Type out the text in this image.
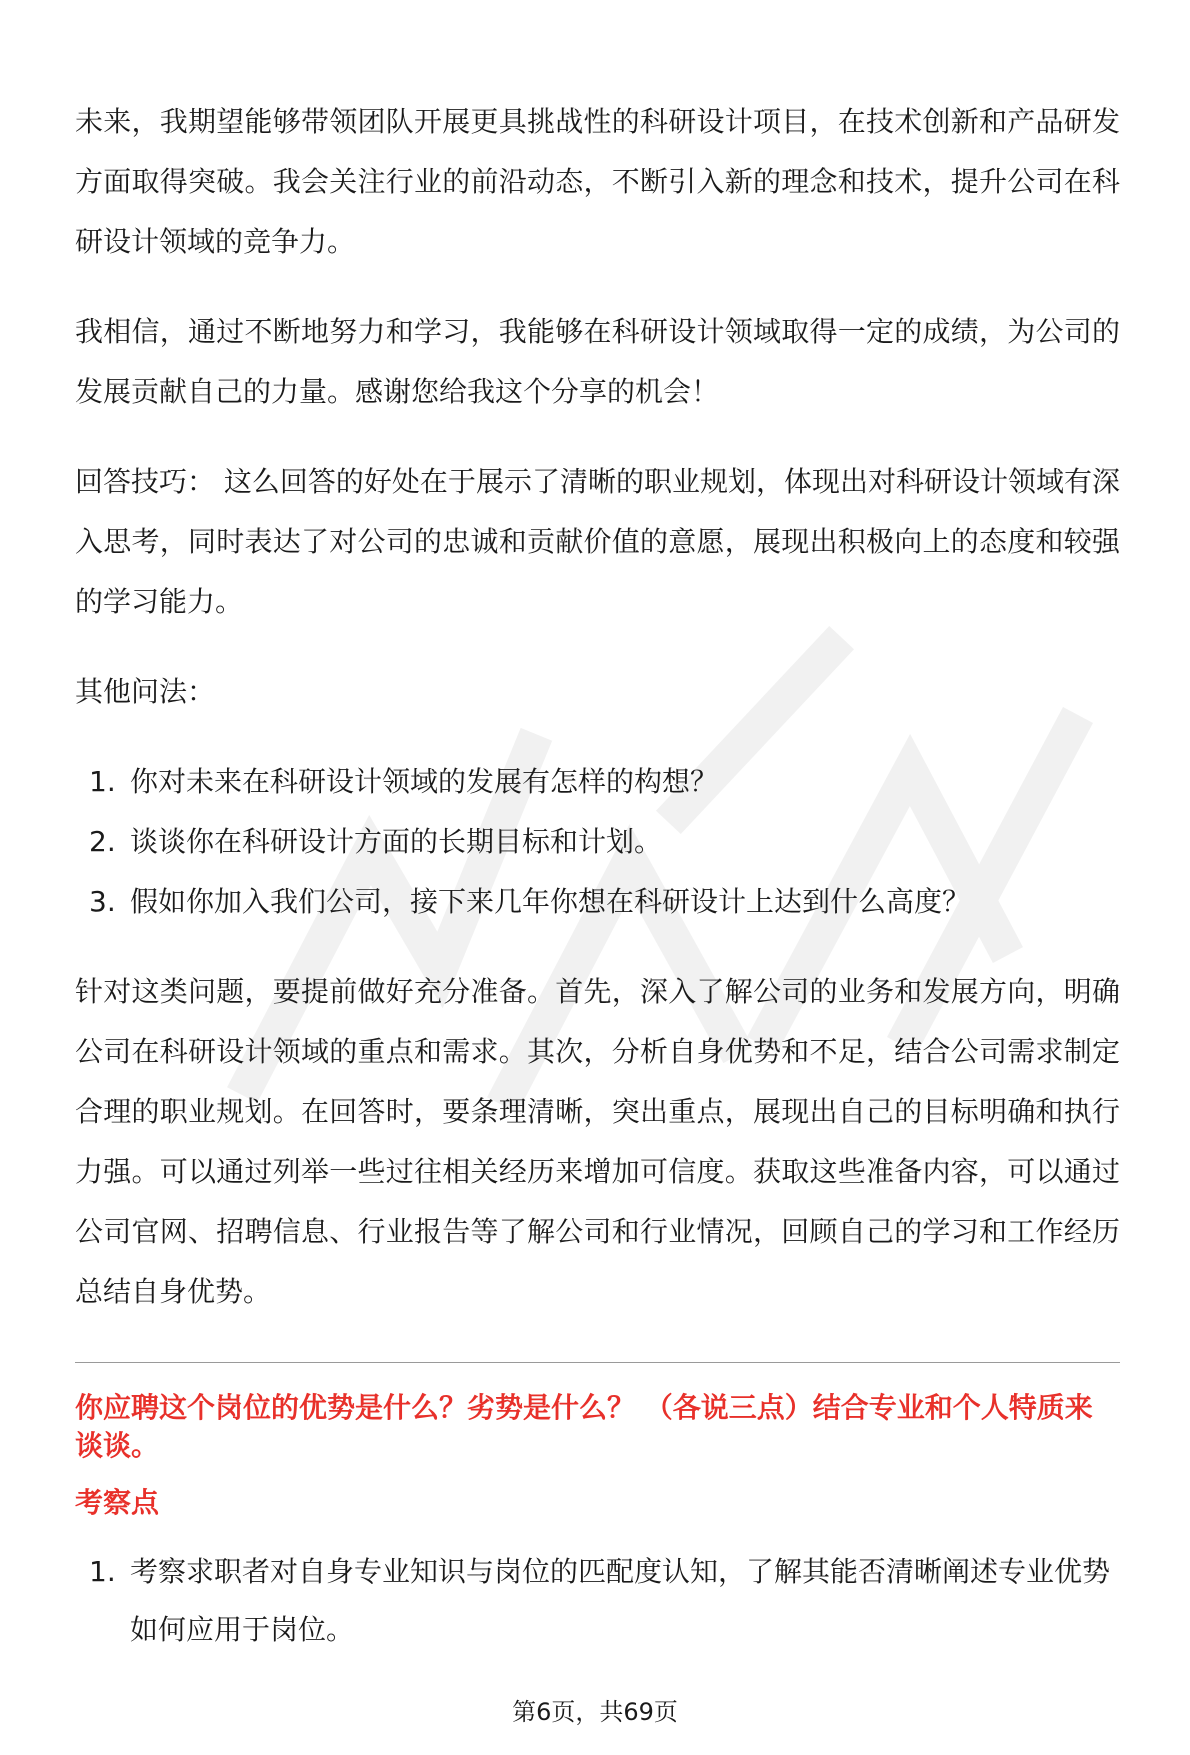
未来，我期望能够带领团队开展更具挑战性的科研设计项目，在技术创新和产品研发方面取得突破。我会关注行业的前沿动态，不断引入新的理念和技术，提升公司在科研设计领域的竞争力。

我相信，通过不断地努力和学习，我能够在科研设计领域取得一定的成绩，为公司的发展贡献自己的力量。感谢您给我这个分享的机会！

回答技巧： 这么回答的好处在于展示了清晰的职业规划，体现出对科研设计领域有深入思考，同时表达了对公司的忠诚和贡献价值的意愿，展现出积极向上的态度和较强的学习能力。

其他问法：

1. 你对未来在科研设计领域的发展有怎样的构想？
2. 谈谈你在科研设计方面的长期目标和计划。
3. 假如你加入我们公司，接下来几年你想在科研设计上达到什么高度？

针对这类问题，要提前做好充分准备。首先，深入了解公司的业务和发展方向，明确公司在科研设计领域的重点和需求。其次，分析自身优势和不足，结合公司需求制定合理的职业规划。在回答时，要条理清晰，突出重点，展现出自己的目标明确和执行力强。可以通过列举一些过往相关经历来增加可信度。获取这些准备内容，可以通过公司官网、招聘信息、行业报告等了解公司和行业情况，回顾自己的学习和工作经历总结自身优势。

你应聘这个岗位的优势是什么？劣势是什么？ （各说三点）结合专业和个人特质来谈谈。
考察点
1. 考察求职者对自身专业知识与岗位的匹配度认知，了解其能否清晰阐述专业优势如何应用于岗位。
第6页，共69页
